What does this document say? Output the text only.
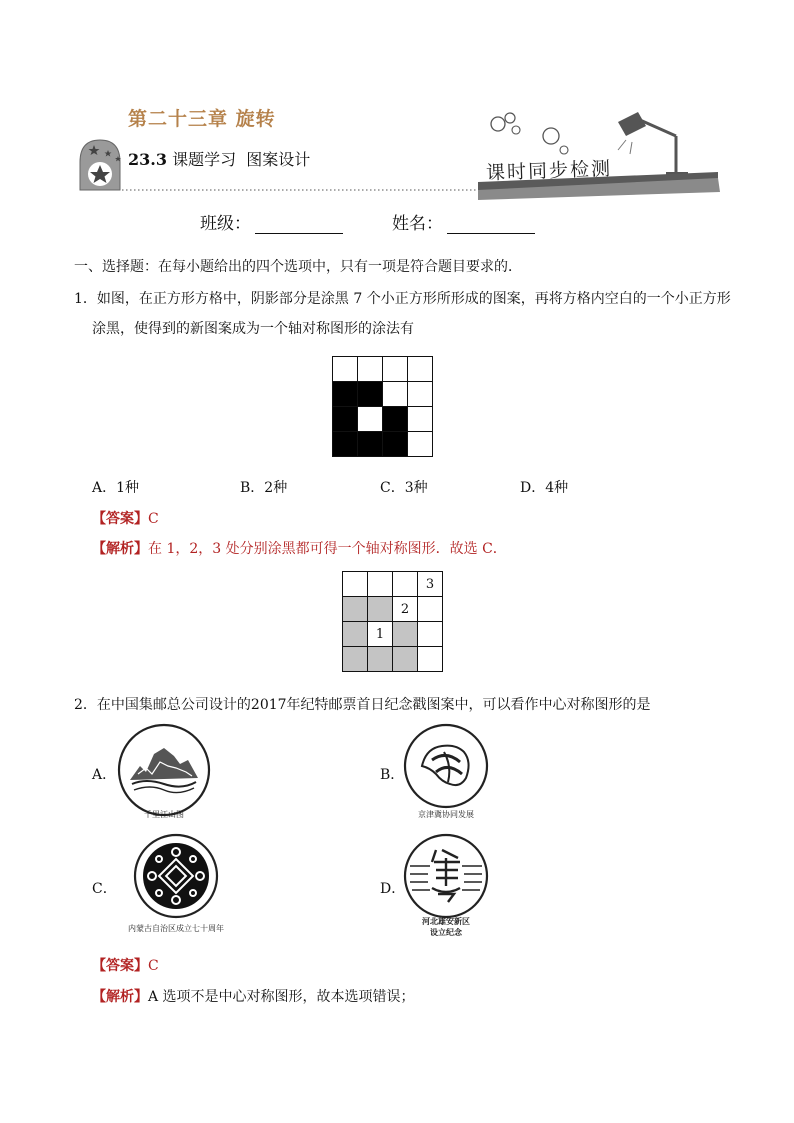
第二十三章 旋转
23.3 课题学习  图案设计	课时同步检测
班级：	姓名：
一、选择题：在每小题给出的四个选项中，只有一项是符合题目要求的．
1．如图，在正方形方格中，阴影部分是涂黑 7 个小正方形所形成的图案，再将方格内空白的一个小正方形
涂黑，使得到的新图案成为一个轴对称图形的涂法有

A．1种	B．2种	C．3种	D．4种
【答案】C
【解析】在 1，2，3 处分别涂黑都可得一个轴对称图形．故选 C．
			3
		2	
	1		

2．在中国集邮总公司设计的2017年纪特邮票首日纪念戳图案中，可以看作中心对称图形的是
A．
千里江山图
B．
京津冀协同发展
C．
内蒙古自治区成立七十周年
D．
河北雄安新区
设立纪念
【答案】C
【解析】A 选项不是中心对称图形，故本选项错误；
